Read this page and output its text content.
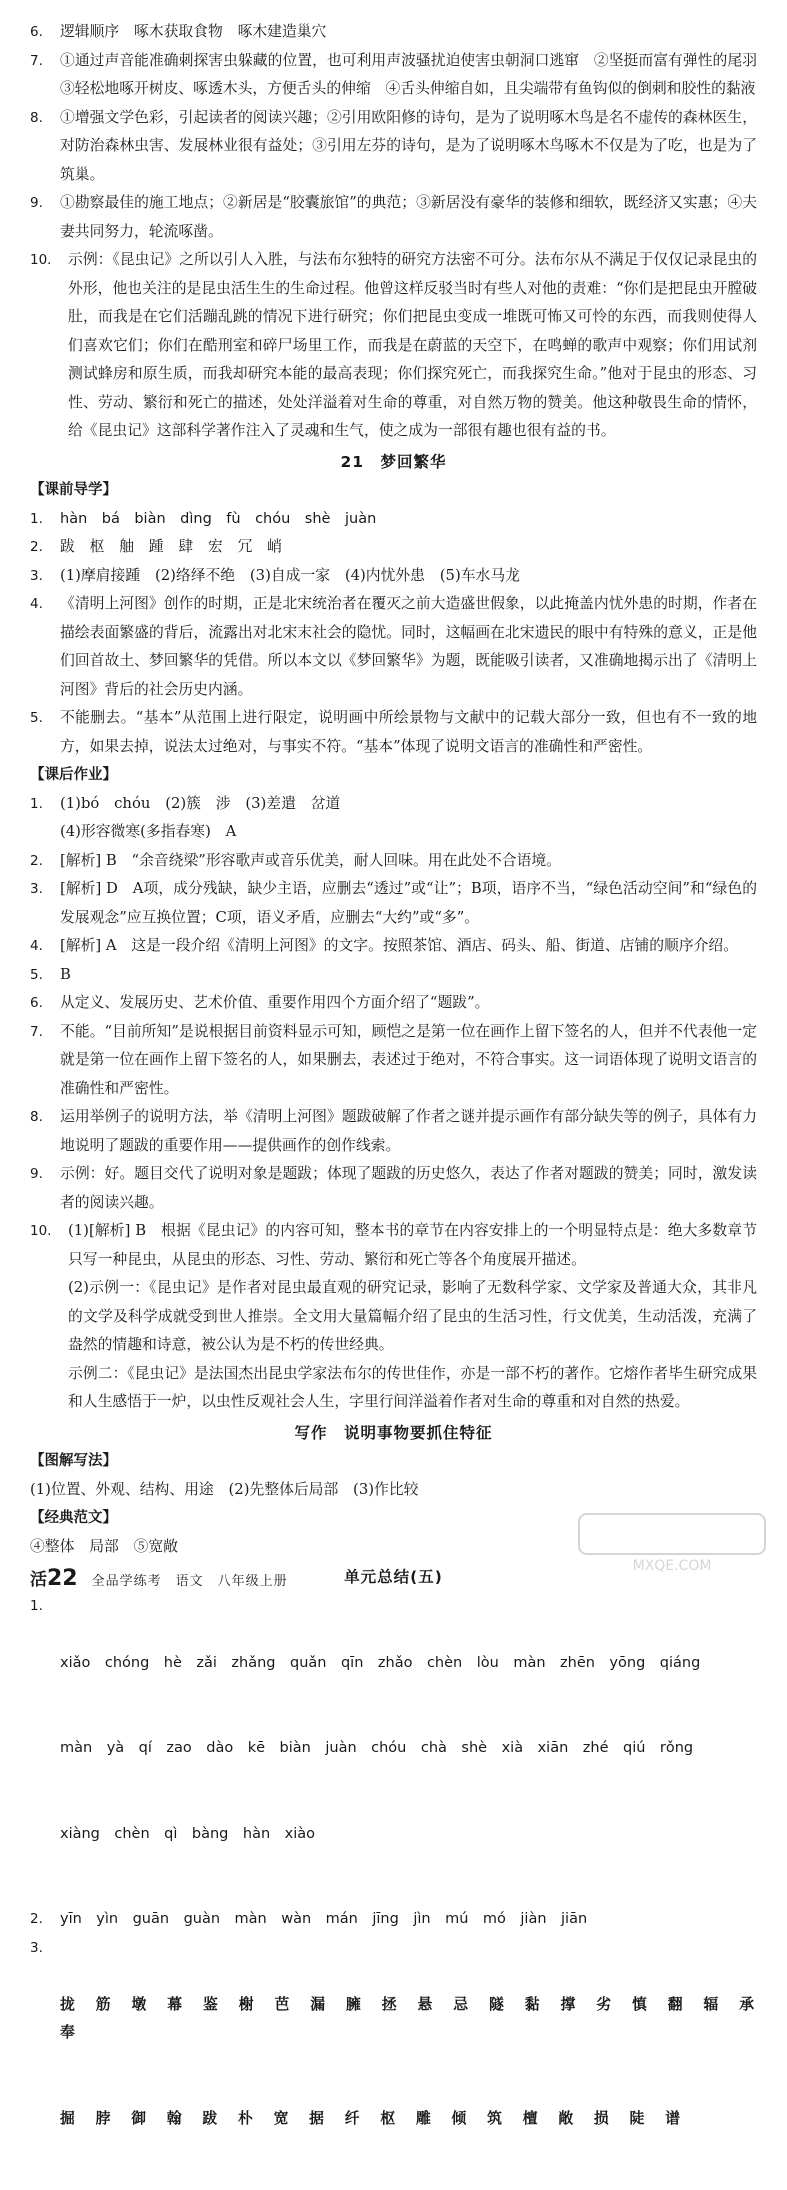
6.	逻辑顺序　啄木获取食物　啄木建造巢穴
7.	①通过声音能准确刺探害虫躲藏的位置，也可利用声波骚扰迫使害虫朝洞口逃窜　②坚挺而富有弹性的尾羽　③轻松地啄开树皮、啄透木头，方便舌头的伸缩　④舌头伸缩自如，且尖端带有鱼钩似的倒刺和胶性的黏液
8.	①增强文学色彩，引起读者的阅读兴趣；②引用欧阳修的诗句，是为了说明啄木鸟是名不虚传的森林医生，对防治森林虫害、发展林业很有益处；③引用左芬的诗句，是为了说明啄木鸟啄木不仅是为了吃，也是为了筑巢。
9.	①勘察最佳的施工地点；②新居是“胶囊旅馆”的典范；③新居没有豪华的装修和细软，既经济又实惠；④夫妻共同努力，轮流啄凿。
10.	示例：《昆虫记》之所以引人入胜，与法布尔独特的研究方法密不可分。法布尔从不满足于仅仅记录昆虫的外形，他也关注的是昆虫活生生的生命过程。他曾这样反驳当时有些人对他的责难：“你们是把昆虫开膛破肚，而我是在它们活蹦乱跳的情况下进行研究；你们把昆虫变成一堆既可怖又可怜的东西，而我则使得人们喜欢它们；你们在酷刑室和碎尸场里工作，而我是在蔚蓝的天空下，在鸣蝉的歌声中观察；你们用试剂测试蜂房和原生质，而我却研究本能的最高表现；你们探究死亡，而我探究生命。”他对于昆虫的形态、习性、劳动、繁衍和死亡的描述，处处洋溢着对生命的尊重，对自然万物的赞美。他这种敬畏生命的情怀，给《昆虫记》这部科学著作注入了灵魂和生气，使之成为一部很有趣也很有益的书。
21　梦回繁华
【课前导学】
1.	hàn　bá　biàn　dìng　fù　chóu　shè　juàn
2.	跋　枢　舳　踵　肆　宏　冗　峭
3.	(1)摩肩接踵　(2)络绎不绝　(3)自成一家　(4)内忧外患　(5)车水马龙
4.	《清明上河图》创作的时期，正是北宋统治者在覆灭之前大造盛世假象，以此掩盖内忧外患的时期，作者在描绘表面繁盛的背后，流露出对北宋末社会的隐忧。同时，这幅画在北宋遗民的眼中有特殊的意义，正是他们回首故土、梦回繁华的凭借。所以本文以《梦回繁华》为题，既能吸引读者，又准确地揭示出了《清明上河图》背后的社会历史内涵。
5.	不能删去。“基本”从范围上进行限定，说明画中所绘景物与文献中的记载大部分一致，但也有不一致的地方，如果去掉，说法太过绝对，与事实不符。“基本”体现了说明文语言的准确性和严密性。
【课后作业】
1.	(1)bó　chóu　(2)簇　涉　(3)差遣　岔道
(4)形容微寒(多指春寒)　A
2.	[解析] B　“余音绕梁”形容歌声或音乐优美，耐人回味。用在此处不合语境。
3.	[解析] D　A项，成分残缺，缺少主语，应删去“透过”或“让”；B项，语序不当，“绿色活动空间”和“绿色的发展观念”应互换位置；C项，语义矛盾，应删去“大约”或“多”。
4.	[解析] A　这是一段介绍《清明上河图》的文字。按照茶馆、酒店、码头、船、街道、店铺的顺序介绍。
5.	B
6.	从定义、发展历史、艺术价值、重要作用四个方面介绍了“题跋”。
7.	不能。“目前所知”是说根据目前资料显示可知，顾恺之是第一位在画作上留下签名的人，但并不代表他一定就是第一位在画作上留下签名的人，如果删去，表述过于绝对，不符合事实。这一词语体现了说明文语言的准确性和严密性。
8.	运用举例子的说明方法，举《清明上河图》题跋破解了作者之谜并提示画作有部分缺失等的例子，具体有力地说明了题跋的重要作用——提供画作的创作线索。
9.	示例：好。题目交代了说明对象是题跋；体现了题跋的历史悠久，表达了作者对题跋的赞美；同时，激发读者的阅读兴趣。
10.	(1)[解析] B　根据《昆虫记》的内容可知，整本书的章节在内容安排上的一个明显特点是：绝大多数章节只写一种昆虫，从昆虫的形态、习性、劳动、繁衍和死亡等各个角度展开描述。
(2)示例一：《昆虫记》是作者对昆虫最直观的研究记录，影响了无数科学家、文学家及普通大众，其非凡的文学及科学成就受到世人推崇。全文用大量篇幅介绍了昆虫的生活习性，行文优美，生动活泼，充满了盎然的情趣和诗意，被公认为是不朽的传世经典。
示例二：《昆虫记》是法国杰出昆虫学家法布尔的传世佳作，亦是一部不朽的著作。它熔作者毕生研究成果和人生感悟于一炉，以虫性反观社会人生，字里行间洋溢着作者对生命的尊重和对自然的热爱。
写作　说明事物要抓住特征
【图解写法】
(1)位置、外观、结构、用途　(2)先整体后局部　(3)作比较
【经典范文】
④整体　局部　⑤宽敞
单元总结(五)
1.

xiǎo　chóng　hè　zǎi　zhǎng　quǎn　qīn　zhǎo　chèn　lòu　màn　zhēn　yōng　qiáng

màn　yà　qí　zao　dào　kē　biàn　juàn　chóu　chà　shè　xià　xiān　zhé　qiú　rǒng

xiàng　chèn　qì　bàng　hàn　xiào

2.	yīn　yìn　guān　guàn　màn　wàn　mán　jīng　jìn　mú　mó　jiàn　jiān
3.

拢　筋　墩　幕　鉴　榭　芭　漏　臃　拯　悬　忌　隧　黏　撑　劣　慎　翻　辐　承　奉

掘　脖　御　翰　跋　朴　宽　据　纤　枢　雕　倾　筑　檀　敞　损　陡　谱

MXQE.COM
活 22 全品学练考　语文　八年级上册
